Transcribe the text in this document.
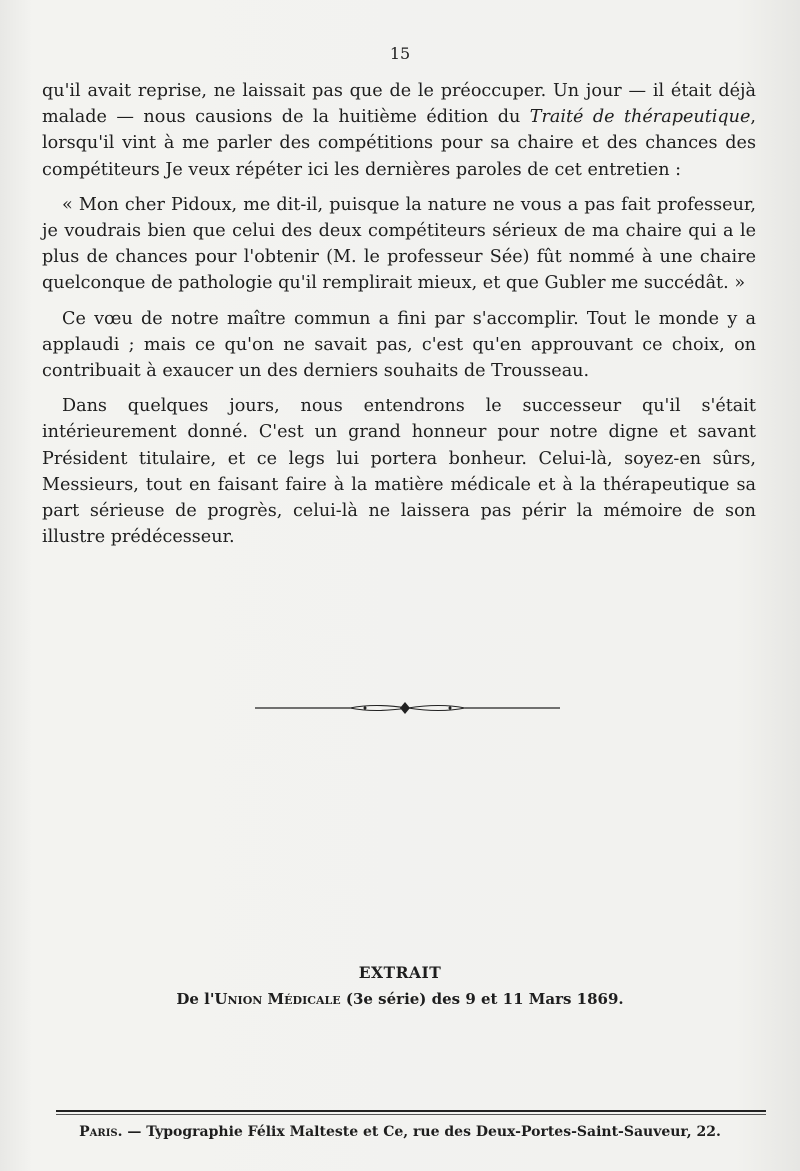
15

qu'il avait reprise, ne laissait pas que de le préoccuper. Un jour — il était déjà malade — nous causions de la huitième édition du Traité de thérapeutique, lorsqu'il vint à me parler des compétitions pour sa chaire et des chances des compétiteurs Je veux répéter ici les dernières paroles de cet entretien :

« Mon cher Pidoux, me dit-il, puisque la nature ne vous a pas fait professeur, je voudrais bien que celui des deux compétiteurs sérieux de ma chaire qui a le plus de chances pour l'obtenir (M. le professeur Sée) fût nommé à une chaire quelconque de pathologie qu'il remplirait mieux, et que Gubler me succédât. »

Ce vœu de notre maître commun a fini par s'accomplir. Tout le monde y a applaudi ; mais ce qu'on ne savait pas, c'est qu'en approuvant ce choix, on contribuait à exaucer un des derniers souhaits de Trousseau.

Dans quelques jours, nous entendrons le successeur qu'il s'était intérieurement donné. C'est un grand honneur pour notre digne et savant Président titulaire, et ce legs lui portera bonheur. Celui-là, soyez-en sûrs, Messieurs, tout en faisant faire à la matière médicale et à la thérapeutique sa part sérieuse de progrès, celui-là ne laissera pas périr la mémoire de son illustre prédécesseur.

EXTRAIT
De l'Union Médicale (3e série) des 9 et 11 Mars 1869.
Paris. — Typographie Félix Malteste et Ce, rue des Deux-Portes-Saint-Sauveur, 22.
